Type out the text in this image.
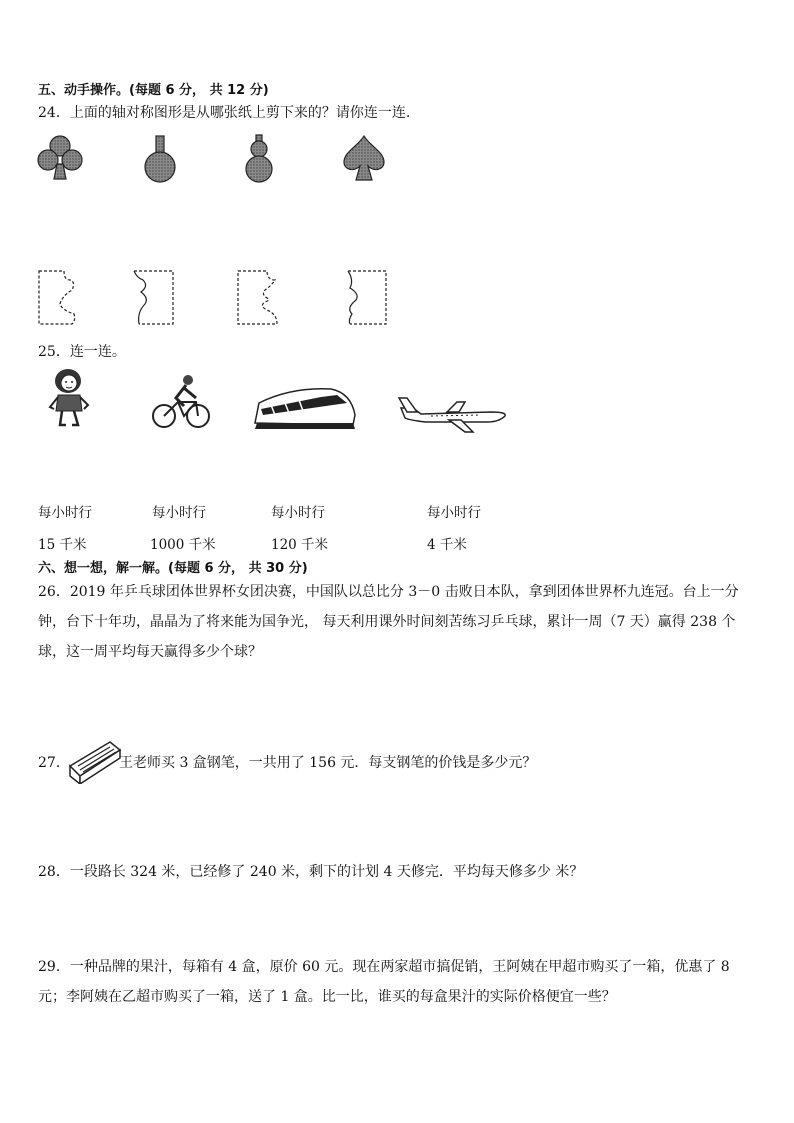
五、动手操作。(每题 6 分， 共 12 分)
24．上面的轴对称图形是从哪张纸上剪下来的？请你连一连.
25．连一连。
每小时行	每小时行	每小时行	每小时行
15 千米	1000 千米	120 千米	4 千米
六、想一想，解一解。(每题 6 分， 共 30 分)
26．2019 年乒乓球团体世界杯女团决赛，中国队以总比分 3－0 击败日本队，拿到团体世界杯九连冠。台上一分钟，台下十年功，晶晶为了将来能为国争光， 每天利用课外时间刻苦练习乒乓球，累计一周（7 天）赢得 238 个球，这一周平均每天赢得多少个球？
27．	王老师买 3 盒钢笔，一共用了 156 元．每支钢笔的价钱是多少元？
28．一段路长 324 米，已经修了 240 米，剩下的计划 4 天修完．平均每天修多少 米？
29．一种品牌的果汁，每箱有 4 盒，原价 60 元。现在两家超市搞促销，王阿姨在甲超市购买了一箱，优惠了 8 元；李阿姨在乙超市购买了一箱，送了 1 盒。比一比，谁买的每盒果汁的实际价格便宜一些？
